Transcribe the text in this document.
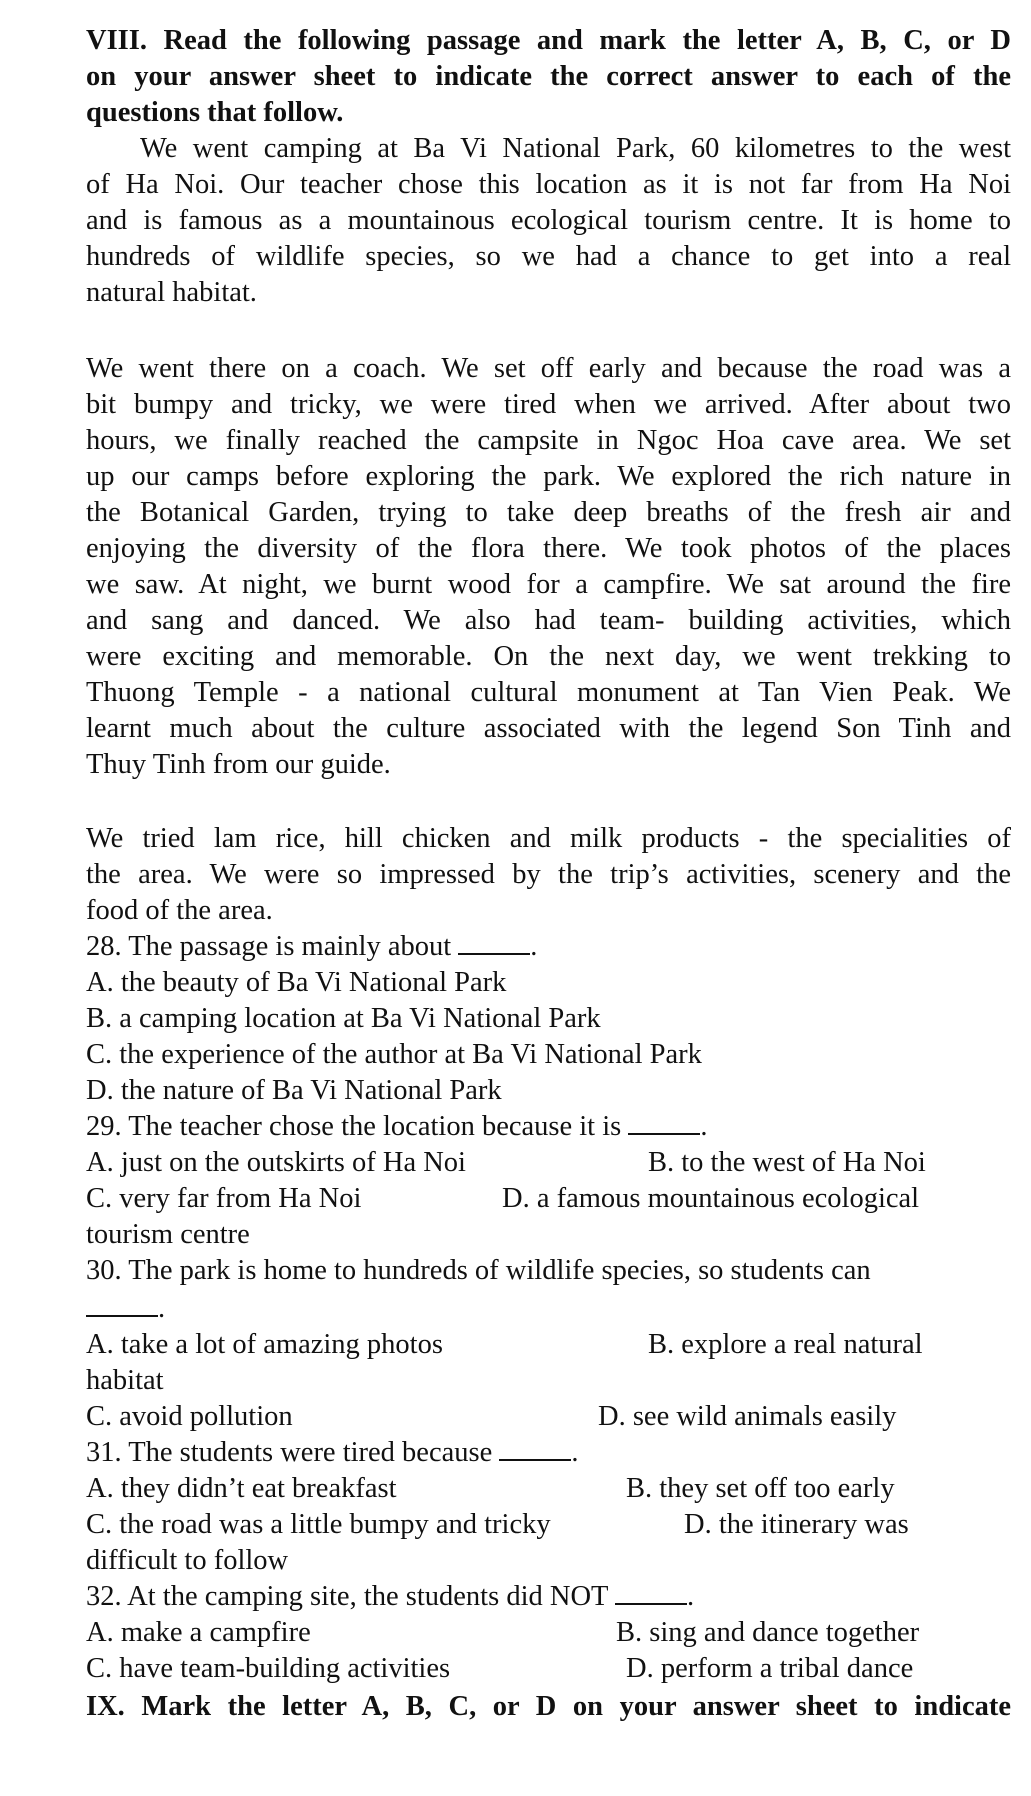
VIII. Read the following passage and mark the letter A, B, C, or D
on your answer sheet to indicate the correct answer to each of the
questions that follow.
We went camping at Ba Vi National Park, 60 kilometres to the west
of Ha Noi. Our teacher chose this location as it is not far from Ha Noi
and is famous as a mountainous ecological tourism centre. It is home to
hundreds of wildlife species, so we had a chance to get into a real
natural habitat.
We went there on a coach. We set off early and because the road was a
bit bumpy and tricky, we were tired when we arrived. After about two
hours, we finally reached the campsite in Ngoc Hoa cave area. We set
up our camps before exploring the park. We explored the rich nature in
the Botanical Garden, trying to take deep breaths of the fresh air and
enjoying the diversity of the flora there. We took photos of the places
we saw. At night, we burnt wood for a campfire. We sat around the fire
and sang and danced. We also had team- building activities, which
were exciting and memorable. On the next day, we went trekking to
Thuong Temple - a national cultural monument at Tan Vien Peak. We
learnt much about the culture associated with the legend Son Tinh and
Thuy Tinh from our guide.
We tried lam rice, hill chicken and milk products - the specialities of
the area. We were so impressed by the trip’s activities, scenery and the
food of the area.
28. The passage is mainly about	.
A. the beauty of Ba Vi National Park
B. a camping location at Ba Vi National Park
C. the experience of the author at Ba Vi National Park
D. the nature of Ba Vi National Park
29. The teacher chose the location because it is	.
A. just on the outskirts of Ha Noi	B. to the west of Ha Noi
C. very far from Ha Noi	D. a famous mountainous ecological
tourism centre
30. The park is home to hundreds of wildlife species, so students can
.
A. take a lot of amazing photos	B. explore a real natural
habitat
C. avoid pollution	D. see wild animals easily
31. The students were tired because	.
A. they didn’t eat breakfast	B. they set off too early
C. the road was a little bumpy and tricky	D. the itinerary was
difficult to follow
32. At the camping site, the students did NOT	.
A. make a campfire	B. sing and dance together
C. have team-building activities	D. perform a tribal dance
IX. Mark the letter A, B, C, or D on your answer sheet to indicate
